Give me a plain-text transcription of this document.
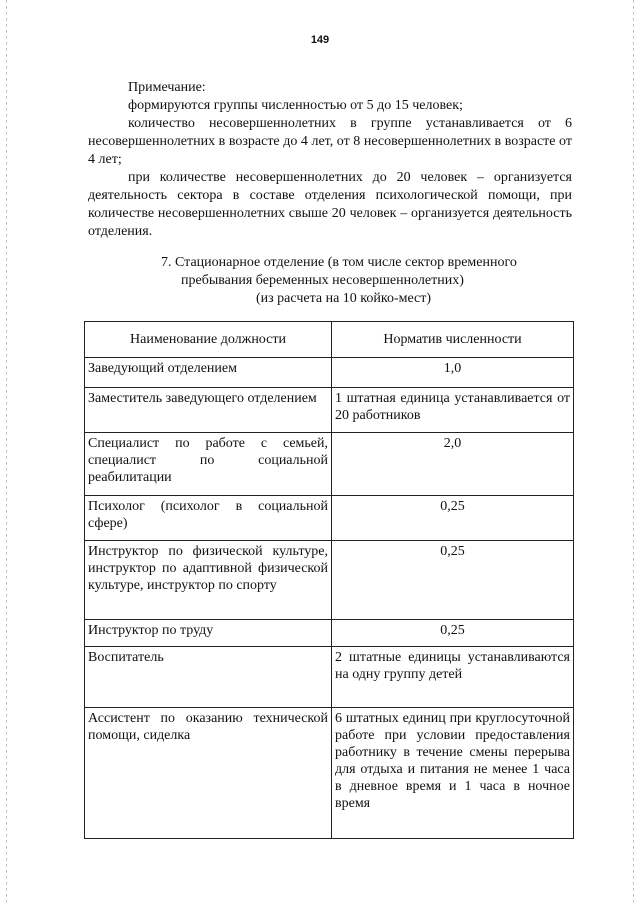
149

Примечание:

формируются группы численностью от 5 до 15 человек;

количество несовершеннолетних в группе устанавливается от 6 несовершеннолетних в возрасте до 4 лет, от 8 несовершеннолетних в возрасте от 4 лет;

при количестве несовершеннолетних до 20 человек – организуется деятельность сектора в составе отделения психологической помощи, при количестве несовершеннолетних свыше 20 человек – организуется деятельность отделения.

7. Стационарное отделение (в том числе сектор временного
пребывания беременных несовершеннолетних)
(из расчета на 10 койко-мест)
Наименование должности	Норматив численности
Заведующий отделением	1,0
Заместитель заведующего отделением	1 штатная единица устанавливается от 20 работников
Специалист по работе с семьей, специалист по социальной реабилитации	2,0
Психолог (психолог в социальной сфере)	0,25
Инструктор по физической культуре, инструктор по адаптивной физической культуре, инструктор по спорту	0,25
Инструктор по труду	0,25
Воспитатель	2 штатные единицы устанавливаются на одну группу детей
Ассистент по оказанию технической помощи, сиделка	6 штатных единиц при круглосуточной работе при условии предоставления работнику в течение смены перерыва для отдыха и питания не менее 1 часа в дневное время и 1 часа в ночное время
